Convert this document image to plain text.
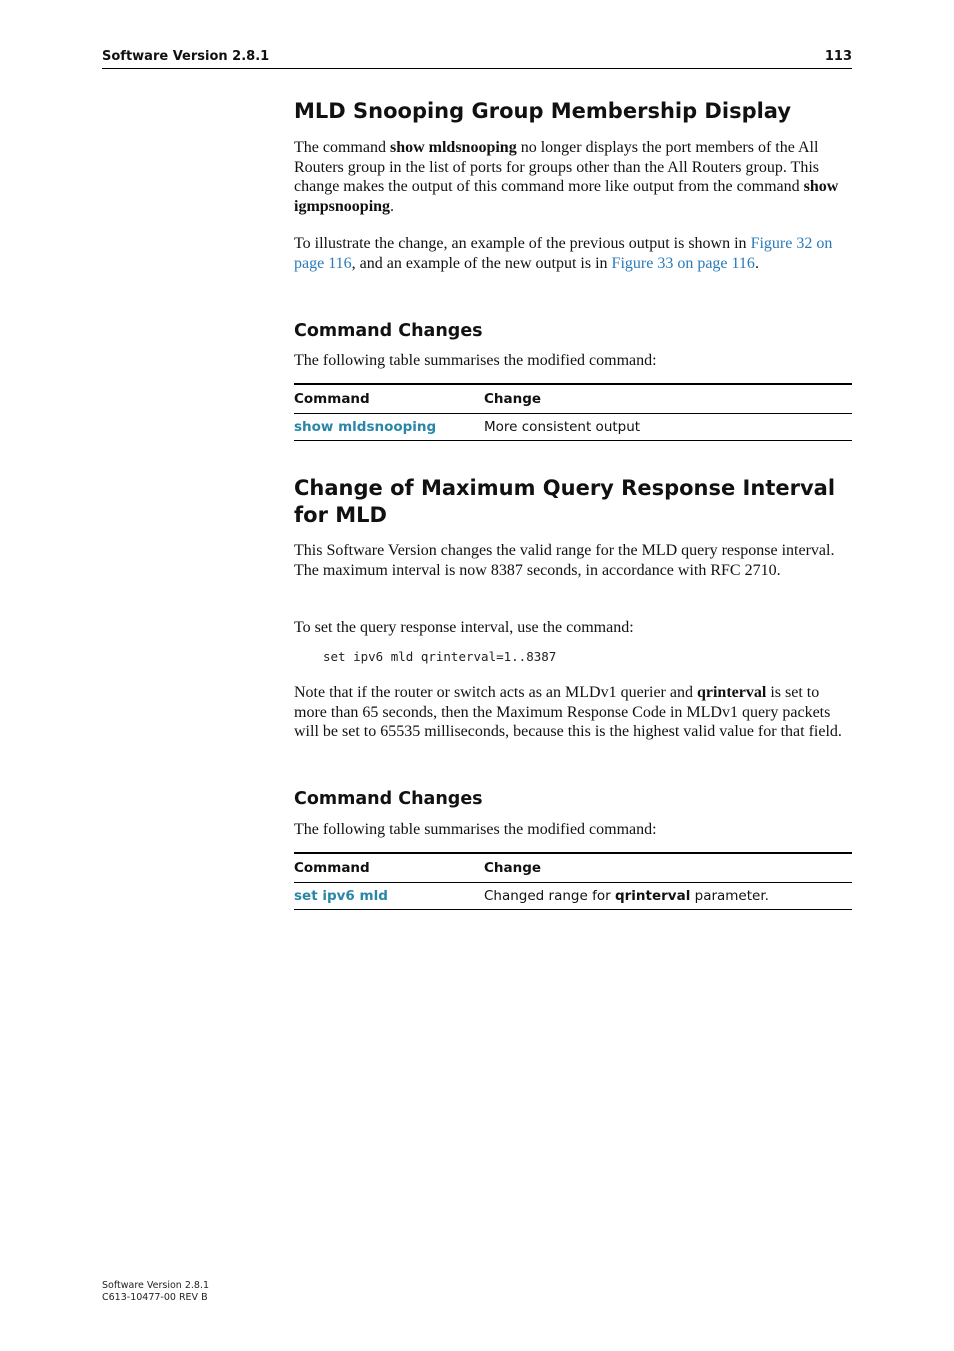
Software Version 2.8.1	113
MLD Snooping Group Membership Display

The command show mldsnooping no longer displays the port members of the All Routers group in the list of ports for groups other than the All Routers group. This change makes the output of this command more like output from the command show igmpsnooping.

To illustrate the change, an example of the previous output is shown in Figure 32 on page 116, and an example of the new output is in Figure 33 on page 116.

Command Changes

The following table summarises the modified command:

Command	Change
show mldsnooping	More consistent output
Change of Maximum Query Response Interval for MLD

This Software Version changes the valid range for the MLD query response interval. The maximum interval is now 8387 seconds, in accordance with RFC 2710.

To set the query response interval, use the command:

set ipv6 mld qrinterval=1..8387

Note that if the router or switch acts as an MLDv1 querier and qrinterval is set to more than 65 seconds, then the Maximum Response Code in MLDv1 query packets will be set to 65535 milliseconds, because this is the highest valid value for that field.

Command Changes

The following table summarises the modified command:

Command	Change
set ipv6 mld	Changed range for qrinterval parameter.
Software Version 2.8.1
C613-10477-00 REV B
